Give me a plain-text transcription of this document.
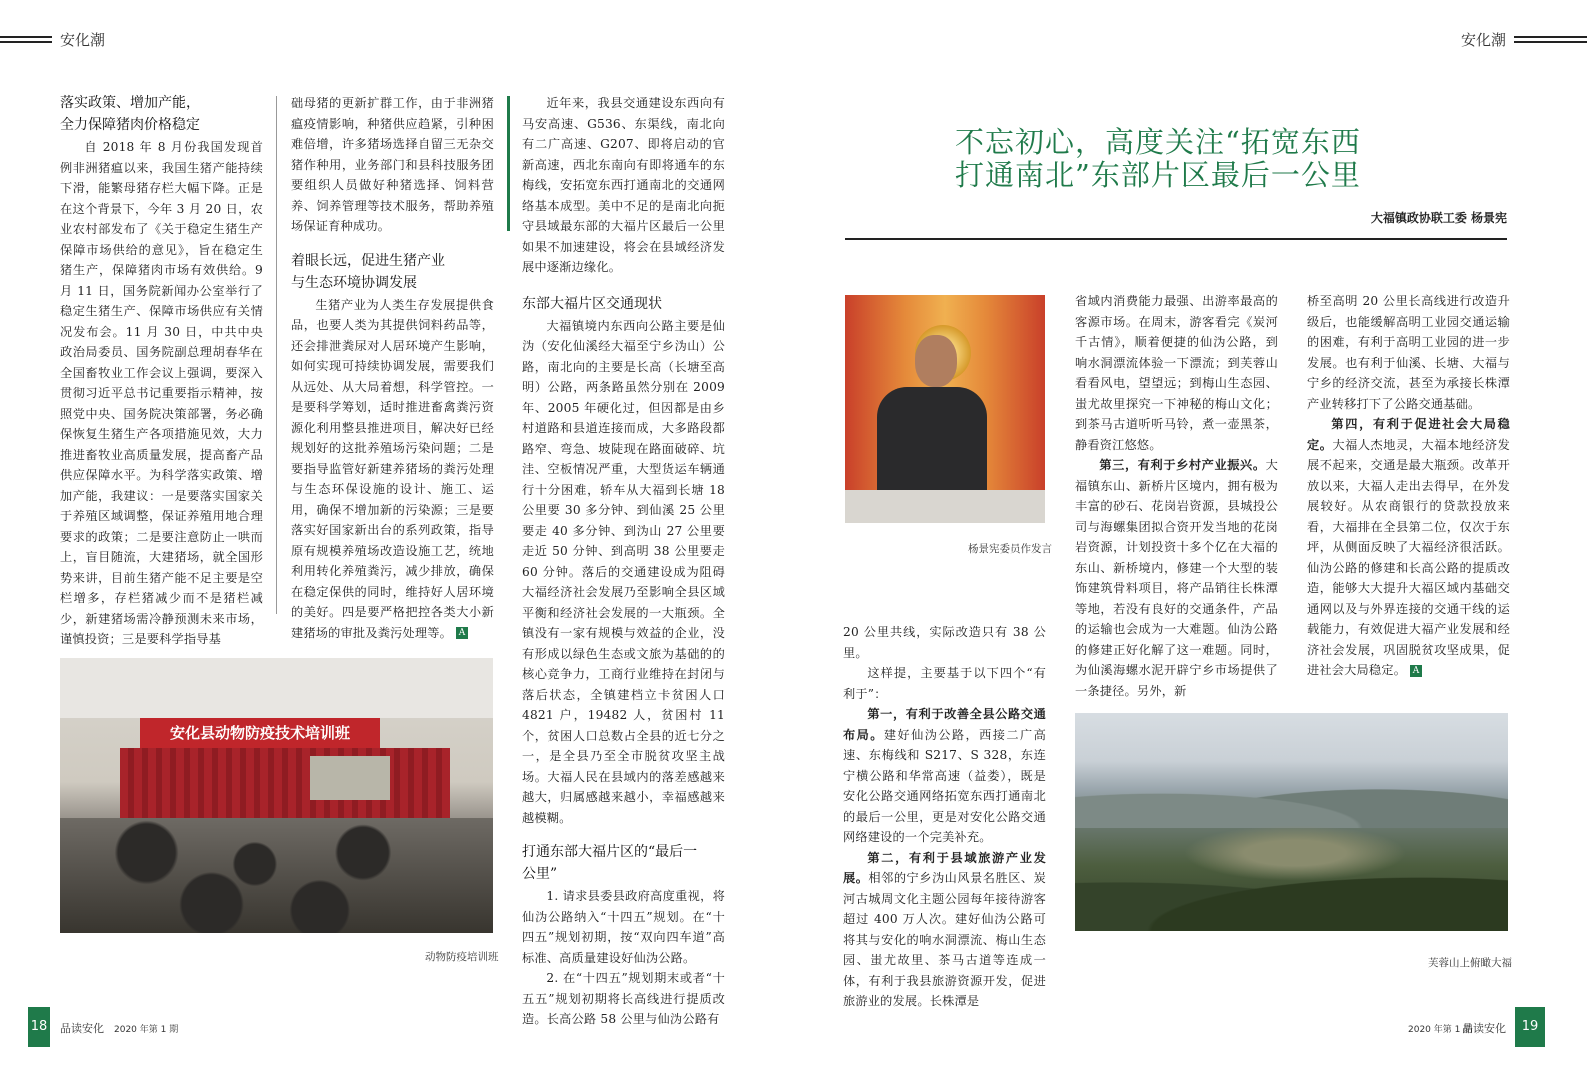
安化潮	安化潮

落实政策、增加产能，

全力保障猪肉价格稳定

自 2018 年 8 月份我国发现首例非洲猪瘟以来，我国生猪产能持续下滑，能繁母猪存栏大幅下降。正是在这个背景下，今年 3 月 20 日，农业农村部发布了《关于稳定生猪生产保障市场供给的意见》，旨在稳定生猪生产，保障猪肉市场有效供给。9 月 11 日，国务院新闻办公室举行了稳定生猪生产、保障市场供应有关情况发布会。11 月 30 日，中共中央政治局委员、国务院副总理胡春华在全国畜牧业工作会议上强调，要深入贯彻习近平总书记重要指示精神，按照党中央、国务院决策部署，务必确保恢复生猪生产各项措施见效，大力推进畜牧业高质量发展，提高畜产品供应保障水平。为科学落实政策、增加产能，我建议：一是要落实国家关于养殖区域调整，保证养殖用地合理要求的政策；二是要注意防止一哄而上，盲目随流，大建猪场，就全国形势来讲，目前生猪产能不足主要是空栏增多，存栏猪减少而不是猪栏减少，新建猪场需冷静预测未来市场，谨慎投资；三是要科学指导基

础母猪的更新扩群工作，由于非洲猪瘟疫情影响，种猪供应趋紧，引种困难倍增，许多猪场选择自留三无杂交猪作种用，业务部门和县科技服务团要组织人员做好种猪选择、饲料营养、饲养管理等技术服务，帮助养殖场保证育种成功。

着眼长远，促进生猪产业

与生态环境协调发展

生猪产业为人类生存发展提供食品，也要人类为其提供饲料药品等，还会排泄粪尿对人居环境产生影响，如何实现可持续协调发展，需要我们从远处、从大局着想，科学管控。一是要科学筹划，适时推进畜禽粪污资源化利用整县推进项目，解决好已经规划好的这批养殖场污染问题；二是要指导监管好新建养猪场的粪污处理与生态环保设施的设计、施工、运用，确保不增加新的污染源；三是要落实好国家新出台的系列政策，指导原有规模养殖场改造设施工艺，统地利用转化养殖粪污，减少排放，确保在稳定保供的同时，维持好人居环境的美好。四是要严格把控各类大小新建猪场的审批及粪污处理等。 A

近年来，我县交通建设东西向有马安高速、G536、东渠线，南北向有二广高速、G207、即将启动的官新高速，西北东南向有即将通车的东梅线，安拓宽东西打通南北的交通网络基本成型。美中不足的是南北向扼守县域最东部的大福片区最后一公里如果不加速建设，将会在县域经济发展中逐渐边缘化。

东部大福片区交通现状

大福镇境内东西向公路主要是仙沩（安化仙溪经大福至宁乡沩山）公路，南北向的主要是长高（长塘至高明）公路，两条路虽然分别在 2009 年、2005 年硬化过，但因都是由乡村道路和县道连接而成，大多路段都路窄、弯急、坡陡现在路面破碎、坑洼、空板情况严重，大型货运车辆通行十分困难，轿车从大福到长塘 18 公里要 30 多分钟、到仙溪 25 公里要走 40 多分钟、到沩山 27 公里要走近 50 分钟、到高明 38 公里要走 60 分钟。落后的交通建设成为阻碍大福经济社会发展乃至影响全县区域平衡和经济社会发展的一大瓶颈。全镇没有一家有规模与效益的企业，没有形成以绿色生态或文旅为基础的的核心竞争力，工商行业维持在封闭与落后状态，全镇建档立卡贫困人口 4821 户，19482 人，贫困村 11 个，贫困人口总数占全县的近七分之一，是全县乃至全市脱贫攻坚主战场。大福人民在县域内的落差感越来越大，归属感越来越小，幸福感越来越模糊。

打通东部大福片区的“最后一

公里”

1. 请求县委县政府高度重视，将仙沩公路纳入“十四五”规划。在“十四五”规划初期，按“双向四车道”高标准、高质量建设好仙沩公路。

2. 在“十四五”规划期末或者“十五五”规划初期将长高线进行提质改造。长高公路 58 公里与仙沩公路有

安化县动物防疫技术培训班
动物防疫培训班
18 品读安化 2020 年第 1 期
不忘初心，高度关注“拓宽东西
打通南北”东部片区最后一公里
大福镇政协联工委 杨景宪
杨景宪委员作发言

20 公里共线，实际改造只有 38 公里。

这样提，主要基于以下四个“有利于”：

第一，有利于改善全县公路交通布局。建好仙沩公路，西接二广高速、东梅线和 S217、S 328，东连宁横公路和华常高速（益娄），既是安化公路交通网络拓宽东西打通南北的最后一公里，更是对安化公路交通网络建设的一个完美补充。

第二，有利于县域旅游产业发展。相邻的宁乡沩山风景名胜区、炭河古城周文化主题公园每年接待游客超过 400 万人次。建好仙沩公路可将其与安化的响水洞漂流、梅山生态园、蚩尤故里、茶马古道等连成一体，有利于我县旅游资源开发，促进旅游业的发展。长株潭是

省域内消费能力最强、出游率最高的客源市场。在周末，游客看完《炭河千古情》，顺着便捷的仙沩公路，到响水洞漂流体验一下漂流；到芙蓉山看看风电，望望远；到梅山生态园、蚩尤故里探究一下神秘的梅山文化；到茶马古道听听马铃，煮一壶黑茶，静看资江悠悠。

第三，有利于乡村产业振兴。大福镇东山、新桥片区境内，拥有极为丰富的砂石、花岗岩资源，县城投公司与海螺集团拟合资开发当地的花岗岩资源，计划投资十多个亿在大福的东山、新桥境内，修建一个大型的装饰建筑骨料项目，将产品销往长株潭等地，若没有良好的交通条件，产品的运输也会成为一大难题。仙沩公路的修建正好化解了这一难题。同时，为仙溪海螺水泥开辟宁乡市场提供了一条捷径。另外，新

桥至高明 20 公里长高线进行改造升级后，也能缓解高明工业园交通运输的困难，有利于高明工业园的进一步发展。也有利于仙溪、长塘、大福与宁乡的经济交流，甚至为承接长株潭产业转移打下了公路交通基础。

第四，有利于促进社会大局稳定。大福人杰地灵，大福本地经济发展不起来，交通是最大瓶颈。改革开放以来，大福人走出去得早，在外发展较好。从农商银行的贷款投放来看，大福排在全县第二位，仅次于东坪，从侧面反映了大福经济很活跃。仙沩公路的修建和长高公路的提质改造，能够大大提升大福区域内基础交通网以及与外界连接的交通干线的运载能力，有效促进大福产业发展和经济社会发展，巩固脱贫攻坚成果，促进社会大局稳定。 A

芙蓉山上俯瞰大福
2020 年第 1 期
品读安化	19
